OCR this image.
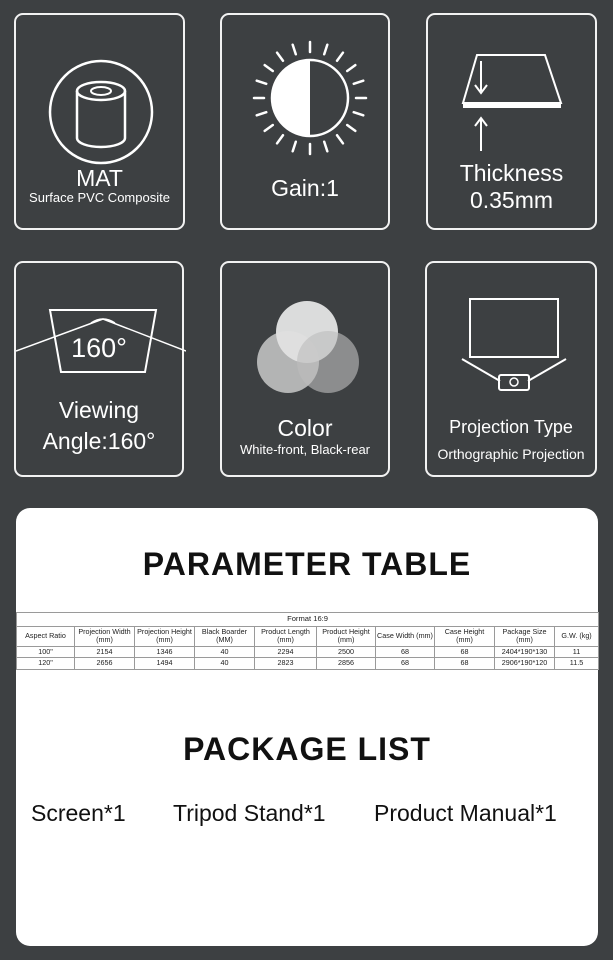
MAT
Surface PVC Composite	Gain:1
Thickness
0.35mm
160°
Viewing
Angle:160°	Color
White-front, Black-rear
Projection Type
Orthographic Projection
PARAMETER TABLE
Format 16:9									
Aspect Ratio	Projection Width (mm)	Projection Height (mm)	Black Boarder (MM)	Product Length (mm)	Product Height (mm)	Case Width (mm)	Case Height (mm)	Package Size (mm)	G.W. (kg)
100"	2154	1346	40	2294	2500	68	68	2404*190*130	11
120"	2656	1494	40	2823	2856	68	68	2906*190*120	11.5
PACKAGE LIST
Screen*1 Tripod Stand*1 Product Manual*1
